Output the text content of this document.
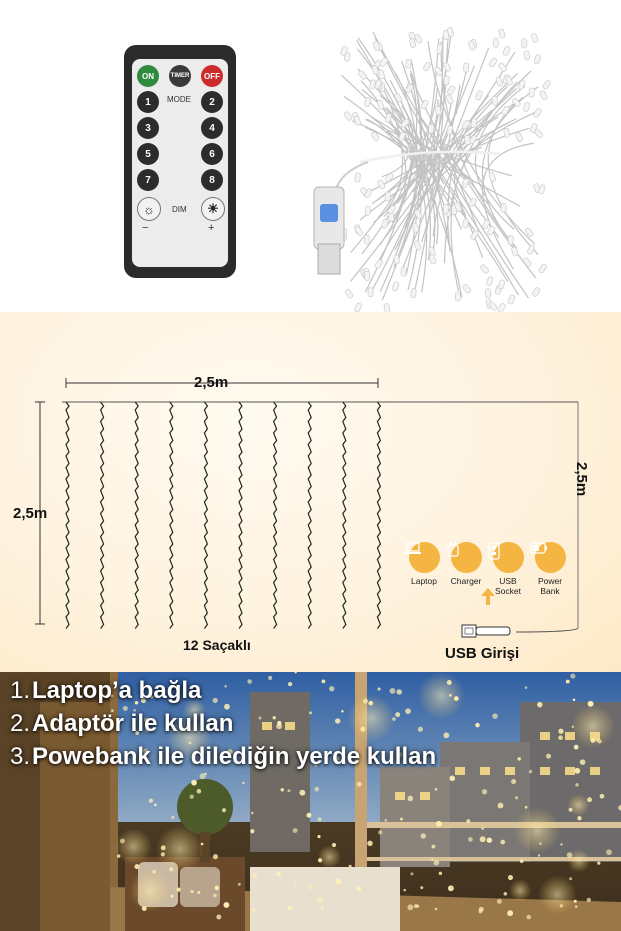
ON	TIMER	OFF
MODE
1	2
3	4
5	6
7	8
☼	☀
DIM
−	+
2,5m
2,5m
2,5m
12 Saçaklı	USB Girişi
Laptop	Charger	USB Socket
Power Bank
1. Laptop’a bağla
2. Adaptör ile kullan
3. Powebank ile dilediğin yerde kullan
